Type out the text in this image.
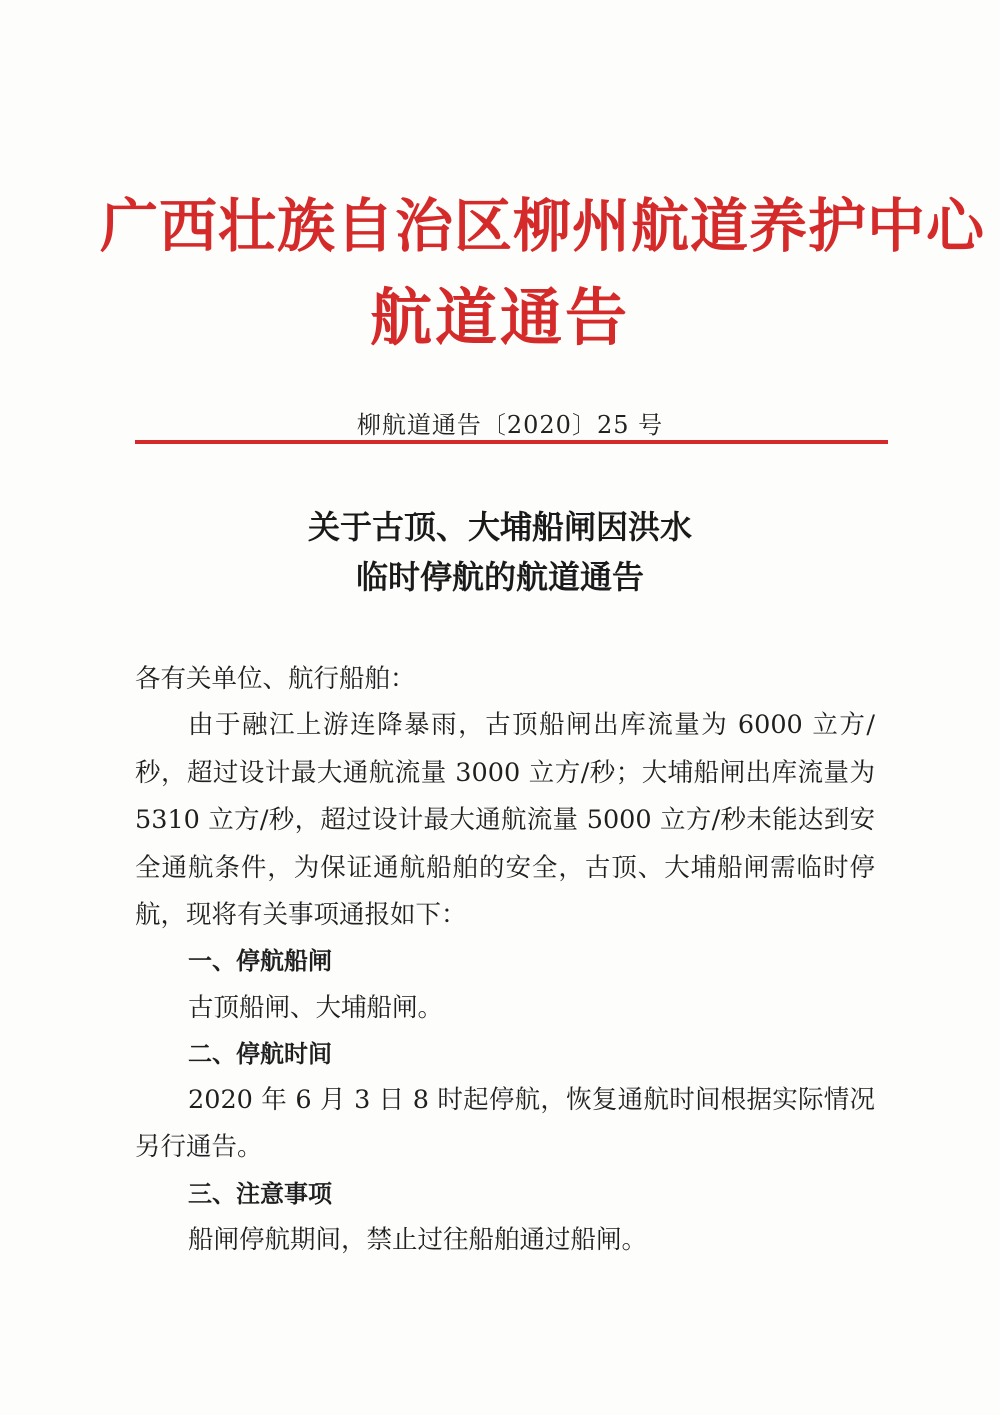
广西壮族自治区柳州航道养护中心
航道通告
柳航道通告〔2020〕25 号
关于古顶、大埔船闸因洪水
临时停航的航道通告
各有关单位、航行船舶：
由于融江上游连降暴雨，古顶船闸出库流量为 6000 立方/
秒，超过设计最大通航流量 3000 立方/秒；大埔船闸出库流量为
5310 立方/秒，超过设计最大通航流量 5000 立方/秒未能达到安
全通航条件，为保证通航船舶的安全，古顶、大埔船闸需临时停
航，现将有关事项通报如下：
一、停航船闸
古顶船闸、大埔船闸。
二、停航时间
2020 年 6 月 3 日 8 时起停航，恢复通航时间根据实际情况
另行通告。
三、注意事项
船闸停航期间，禁止过往船舶通过船闸。
